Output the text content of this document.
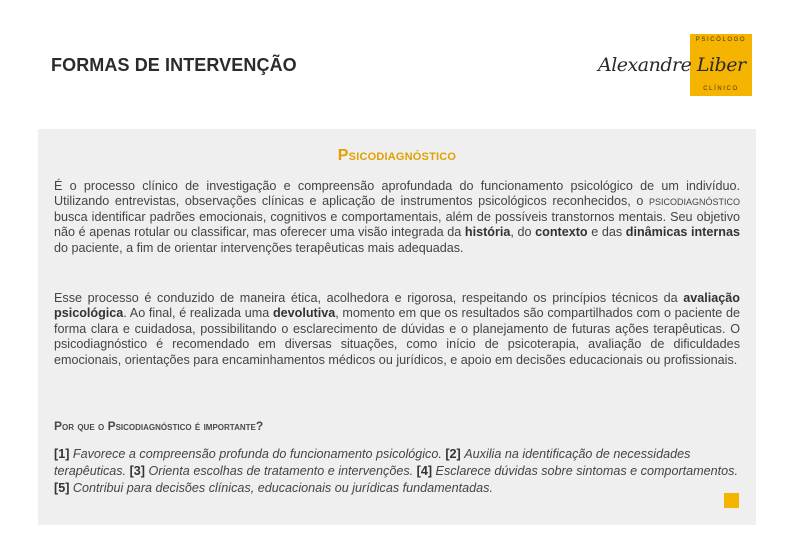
FORMAS DE INTERVENÇÃO
PSICÓLOGO
CLÍNICO
Alexandre Liber
Psicodiagnóstico
É o processo clínico de investigação e compreensão aprofundada do funcionamento psicológico de um indivíduo. Utilizando entrevistas, observações clínicas e aplicação de instrumentos psicológicos reconhecidos, o psicodiagnóstico busca identificar padrões emocionais, cognitivos e comportamentais, além de possíveis transtornos mentais. Seu objetivo não é apenas rotular ou classificar, mas oferecer uma visão integrada da história, do contexto e das dinâmicas internas do paciente, a fim de orientar intervenções terapêuticas mais adequadas.
Esse processo é conduzido de maneira ética, acolhedora e rigorosa, respeitando os princípios técnicos da avaliação psicológica. Ao final, é realizada uma devolutiva, momento em que os resultados são compartilhados com o paciente de forma clara e cuidadosa, possibilitando o esclarecimento de dúvidas e o planejamento de futuras ações terapêuticas. O psicodiagnóstico é recomendado em diversas situações, como início de psicoterapia, avaliação de dificuldades emocionais, orientações para encaminhamentos médicos ou jurídicos, e apoio em decisões educacionais ou profissionais.
Por que o Psicodiagnóstico é importante?
[1] Favorece a compreensão profunda do funcionamento psicológico. [2] Auxilia na identificação de necessidades terapêuticas. [3] Orienta escolhas de tratamento e intervenções. [4] Esclarece dúvidas sobre sintomas e comportamentos. [5] Contribui para decisões clínicas, educacionais ou jurídicas fundamentadas.
